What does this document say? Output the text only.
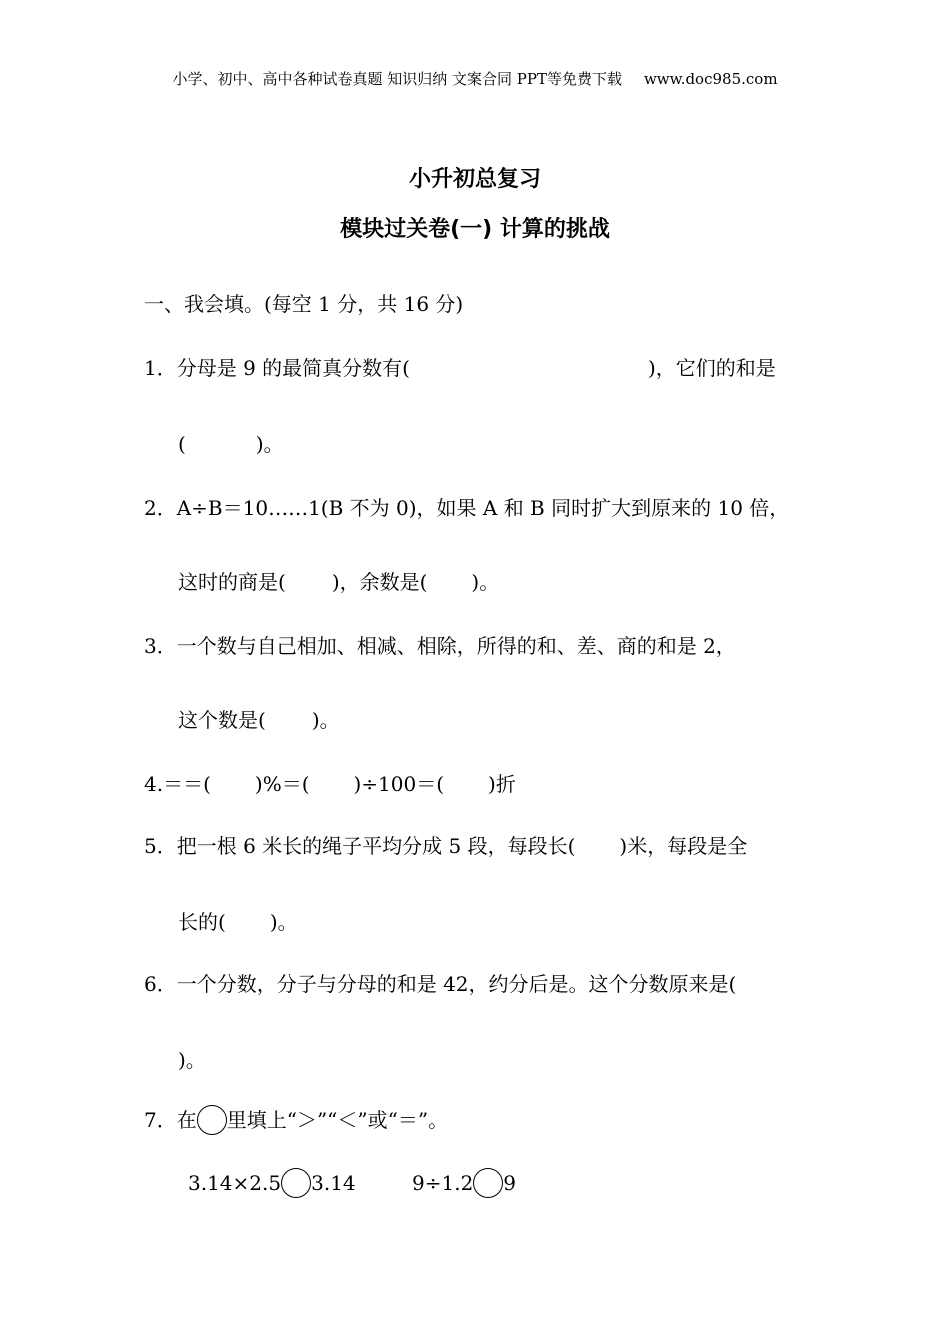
小学、初中、高中各种试卷真题 知识归纳 文案合同 PPT等免费下载 www.doc985.com
小升初总复习
模块过关卷(一) 计算的挑战
一、我会填。(每空 1 分，共 16 分)
1．分母是 9 的最简真分数有(	)，它们的和是
(	)。
2．A÷B＝10……1(B 不为 0)，如果 A 和 B 同时扩大到原来的 10 倍，
这时的商是( )，余数是( )。
3．一个数与自己相加、相减、相除，所得的和、差、商的和是 2，
这个数是( )。
4.＝＝( )%＝( )÷100＝( )折
5．把一根 6 米长的绳子平均分成 5 段，每段长( )米，每段是全
长的( )。
6．一个分数，分子与分母的和是 42，约分后是。这个分数原来是(
)。
7．在 里填上“＞”“＜”或“＝”。
3.14×2.5 3.14	9÷1.2 9
